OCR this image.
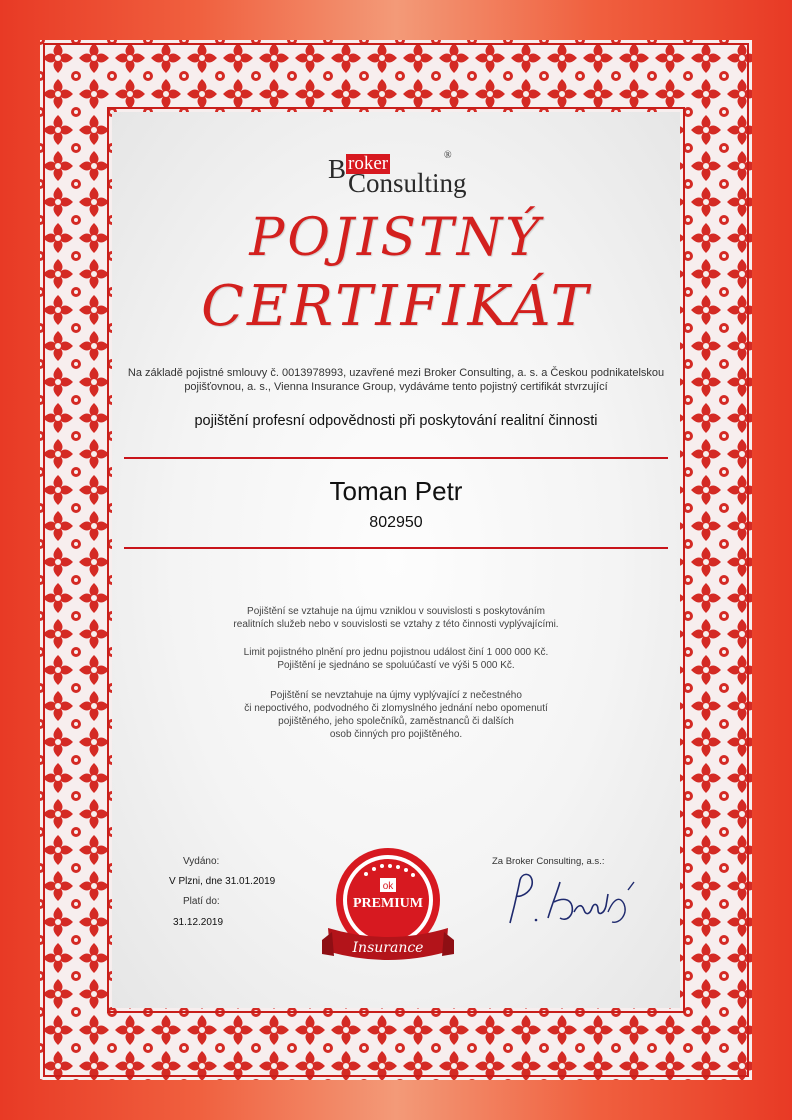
B roker	®
Consulting
POJISTNÝ
CERTIFIKÁT
Na základě pojistné smlouvy č. 0013978993, uzavřené mezi Broker Consulting, a. s. a Českou podnikatelskou
pojišťovnou, a. s., Vienna Insurance Group, vydáváme tento pojistný certifikát stvrzující
pojištění profesní odpovědnosti při poskytování realitní činnosti
Toman Petr
802950
Pojištění se vztahuje na újmu vzniklou v souvislosti s poskytováním
realitních služeb nebo v souvislosti se vztahy z této činnosti vyplývajícími.
Limit pojistného plnění pro jednu pojistnou událost činí 1 000 000 Kč.
Pojištění je sjednáno se spoluúčastí ve výši 5 000 Kč.
Pojištění se nevztahuje na újmy vyplývající z nečestného
či nepoctivého, podvodného či zlomyslného jednání nebo opomenutí
pojištěného, jeho společníků, zaměstnanců či dalších
osob činných pro pojištěného.
Vydáno:
V Plzni, dne 31.01.2019
Platí do:
31.12.2019
Za Broker Consulting, a.s.:
ok
PREMIUM
Insurance
